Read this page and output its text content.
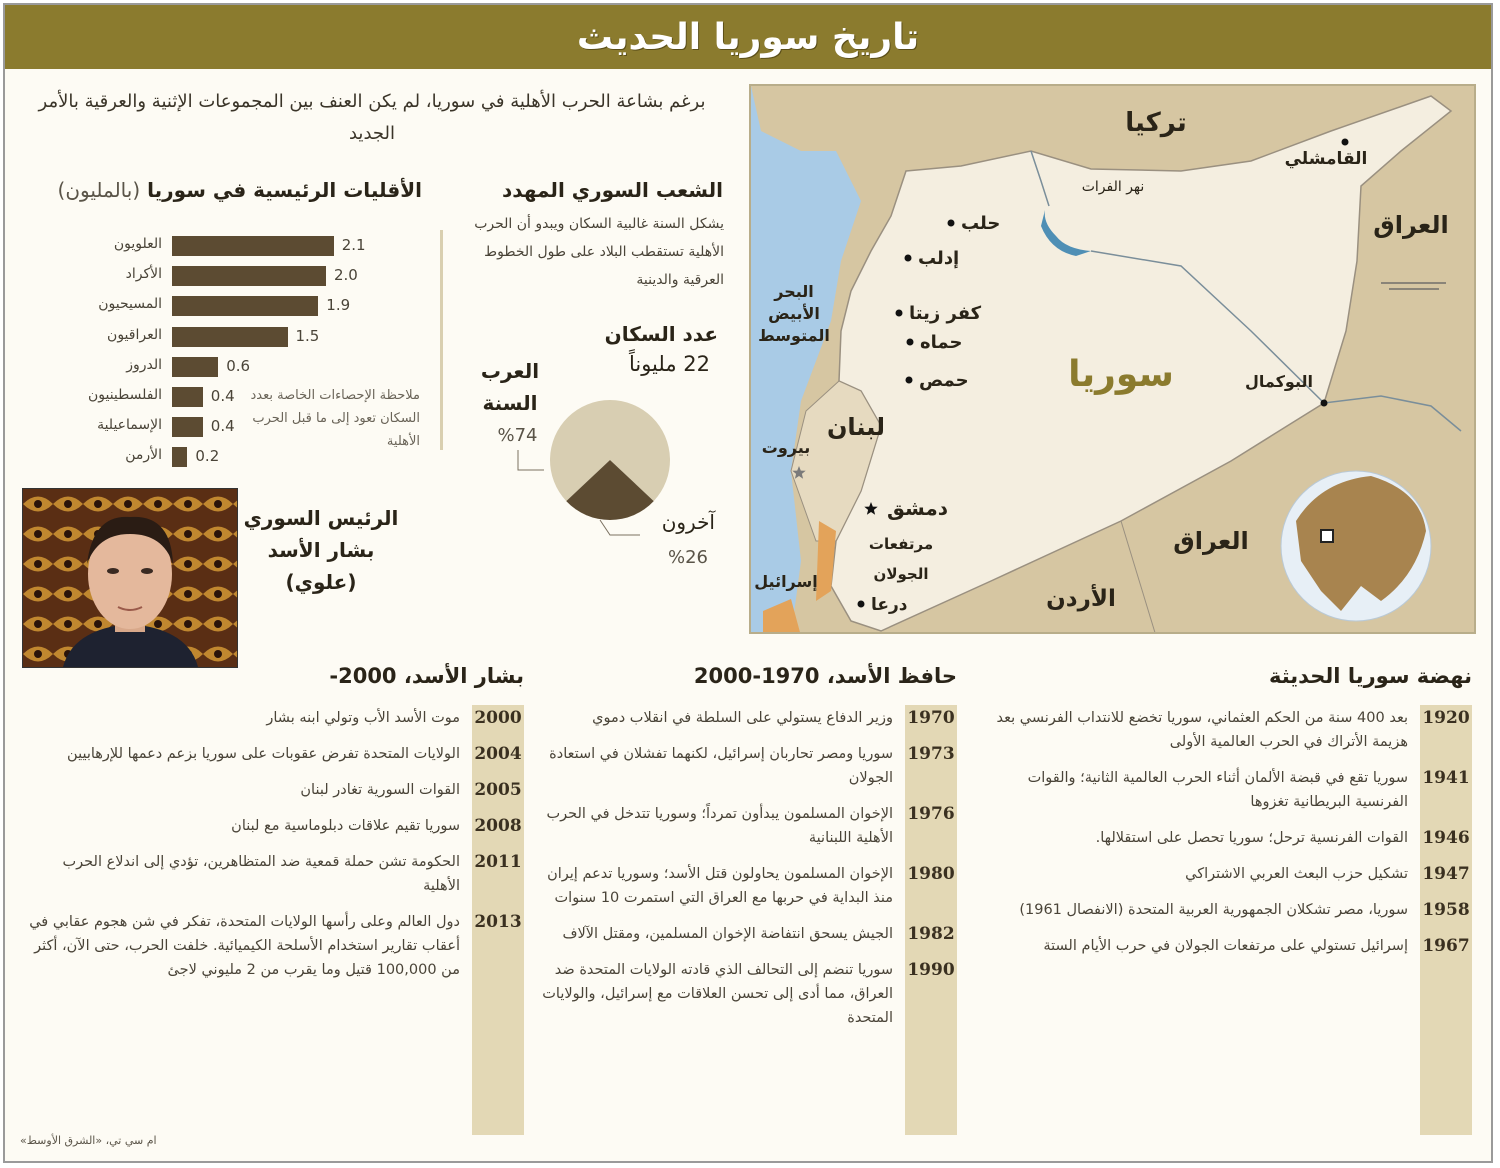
تاريخ سوريا الحديث
برغم بشاعة الحرب الأهلية في سوريا، لم يكن العنف بين المجموعات الإثنية والعرقية بالأمر الجديد
الأقليات الرئيسية في سوريا (بالمليون)
العلويون	2.1
الأكراد	2.0
المسيحيون	1.9
العراقيون	1.5
الدروز	0.6
الفلسطينيون	0.4
الإسماعيلية	0.4
الأرمن 0.2
ملاحظة الإحصاءات الخاصة بعدد السكان تعود إلى ما قبل الحرب الأهلية
الشعب السوري المهدد
يشكل السنة غالبية السكان ويبدو أن الحرب الأهلية تستقطب البلاد على طول الخطوط العرقية والدينية
عدد السكان
22 مليوناً
العرب السنة
%74
آخرون
%26
الرئيس السوري
بشار الأسد
(علوي)
تركيا
العراق
العراق
الأردن
لبنان
إسرائيل
سوريا
البحر
الأبيض
المتوسط
نهر الفرات
مرتفعات
الجولان
حلب
إدلب
كفر زيتا
حماه
حمص
دمشق
درعا
بيروت
القامشلي
البوكمال
نهضة سوريا الحديثة
1920
بعد 400 سنة من الحكم العثماني، سوريا تخضع للانتداب الفرنسي بعد هزيمة الأتراك في الحرب العالمية الأولى
1941
سوريا تقع في قبضة الألمان أثناء الحرب العالمية الثانية؛ والقوات الفرنسية البريطانية تغزوها
1946
القوات الفرنسية ترحل؛ سوريا تحصل على استقلالها.
1947
تشكيل حزب البعث العربي الاشتراكي
1958
سوريا، مصر تشكلان الجمهورية العربية المتحدة (الانفصال 1961)
1967
إسرائيل تستولي على مرتفعات الجولان في حرب الأيام الستة
حافظ الأسد، 1970-2000
1970
وزير الدفاع يستولي على السلطة في انقلاب دموي
1973
سوريا ومصر تحاربان إسرائيل، لكنهما تفشلان في استعادة الجولان
1976
الإخوان المسلمون يبدأون تمرداً؛ وسوريا تتدخل في الحرب الأهلية اللبنانية
1980
الإخوان المسلمون يحاولون قتل الأسد؛ وسوريا تدعم إيران منذ البداية في حربها مع العراق التي استمرت 10 سنوات
1982
الجيش يسحق انتفاضة الإخوان المسلمين، ومقتل الآلاف
1990
سوريا تنضم إلى التحالف الذي قادته الولايات المتحدة ضد العراق، مما أدى إلى تحسن العلاقات مع إسرائيل، والولايات المتحدة
بشار الأسد، 2000-
2000
موت الأسد الأب وتولي ابنه بشار
2004
الولايات المتحدة تفرض عقوبات على سوريا بزعم دعمها للإرهابيين
2005
القوات السورية تغادر لبنان
2008
سوريا تقيم علاقات دبلوماسية مع لبنان
2011
الحكومة تشن حملة قمعية ضد المتظاهرين، تؤدي إلى اندلاع الحرب الأهلية
2013
دول العالم وعلى رأسها الولايات المتحدة، تفكر في شن هجوم عقابي في أعقاب تقارير استخدام الأسلحة الكيميائية. خلفت الحرب، حتى الآن، أكثر من 100,000 قتيل وما يقرب من 2 مليوني لاجئ
ام سي تي، «الشرق الأوسط»
